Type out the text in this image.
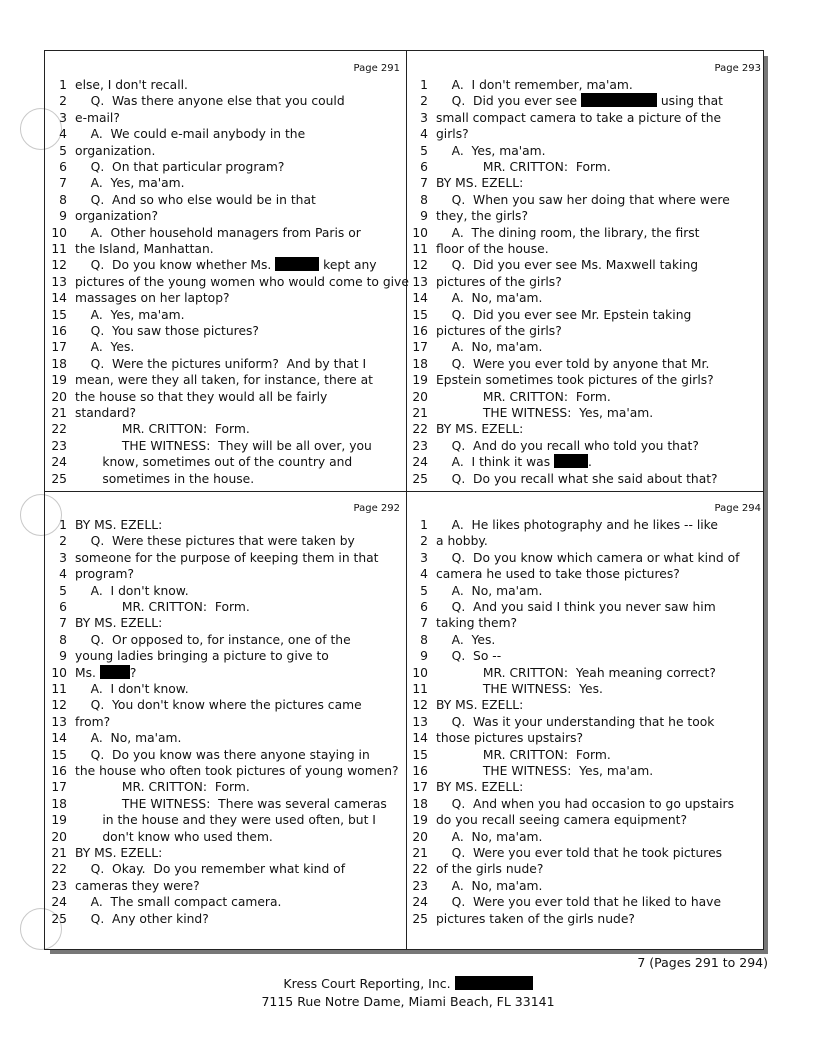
Page 291
1 else, I don't recall.
2    Q.  Was there anyone else that you could
3 e-mail?
4    A.  We could e-mail anybody in the
5 organization.
6    Q.  On that particular program?
7    A.  Yes, ma'am.
8    Q.  And so who else would be in that
9 organization?
10    A.  Other household managers from Paris or
11 the Island, Manhattan.
12    Q.  Do you know whether Ms.	kept any
13 pictures of the young women who would come to give
14 massages on her laptop?
15    A.  Yes, ma'am.
16    Q.  You saw those pictures?
17    A.  Yes.
18    Q.  Were the pictures uniform?  And by that I
19 mean, were they all taken, for instance, there at
20 the house so that they would all be fairly
21 standard?
22            MR. CRITTON:  Form.
23            THE WITNESS:  They will be all over, you
24       know, sometimes out of the country and
25       sometimes in the house.
Page 293
1    A.  I don't remember, ma'am.
2    Q.  Did you ever see	using that
3 small compact camera to take a picture of the
4 girls?
5    A.  Yes, ma'am.
6            MR. CRITTON:  Form.
7 BY MS. EZELL:
8    Q.  When you saw her doing that where were
9 they, the girls?
10    A.  The dining room, the library, the first
11 floor of the house.
12    Q.  Did you ever see Ms. Maxwell taking
13 pictures of the girls?
14    A.  No, ma'am.
15    Q.  Did you ever see Mr. Epstein taking
16 pictures of the girls?
17    A.  No, ma'am.
18    Q.  Were you ever told by anyone that Mr.
19 Epstein sometimes took pictures of the girls?
20            MR. CRITTON:  Form.
21            THE WITNESS:  Yes, ma'am.
22 BY MS. EZELL:
23    Q.  And do you recall who told you that?
24    A.  I think it was	.
25    Q.  Do you recall what she said about that?
Page 292
1 BY MS. EZELL:
2    Q.  Were these pictures that were taken by
3 someone for the purpose of keeping them in that
4 program?
5    A.  I don't know.
6            MR. CRITTON:  Form.
7 BY MS. EZELL:
8    Q.  Or opposed to, for instance, one of the
9 young ladies bringing a picture to give to
10 Ms. ?
11    A.  I don't know.
12    Q.  You don't know where the pictures came
13 from?
14    A.  No, ma'am.
15    Q.  Do you know was there anyone staying in
16 the house who often took pictures of young women?
17            MR. CRITTON:  Form.
18            THE WITNESS:  There was several cameras
19       in the house and they were used often, but I
20       don't know who used them.
21 BY MS. EZELL:
22    Q.  Okay.  Do you remember what kind of
23 cameras they were?
24    A.  The small compact camera.
25    Q.  Any other kind?
Page 294
1    A.  He likes photography and he likes -- like
2 a hobby.
3    Q.  Do you know which camera or what kind of
4 camera he used to take those pictures?
5    A.  No, ma'am.
6    Q.  And you said I think you never saw him
7 taking them?
8    A.  Yes.
9    Q.  So --
10            MR. CRITTON:  Yeah meaning correct?
11            THE WITNESS:  Yes.
12 BY MS. EZELL:
13    Q.  Was it your understanding that he took
14 those pictures upstairs?
15            MR. CRITTON:  Form.
16            THE WITNESS:  Yes, ma'am.
17 BY MS. EZELL:
18    Q.  And when you had occasion to go upstairs
19 do you recall seeing camera equipment?
20    A.  No, ma'am.
21    Q.  Were you ever told that he took pictures
22 of the girls nude?
23    A.  No, ma'am.
24    Q.  Were you ever told that he liked to have
25 pictures taken of the girls nude?
7 (Pages 291 to 294)
Kress Court Reporting, Inc.
7115 Rue Notre Dame, Miami Beach, FL 33141
